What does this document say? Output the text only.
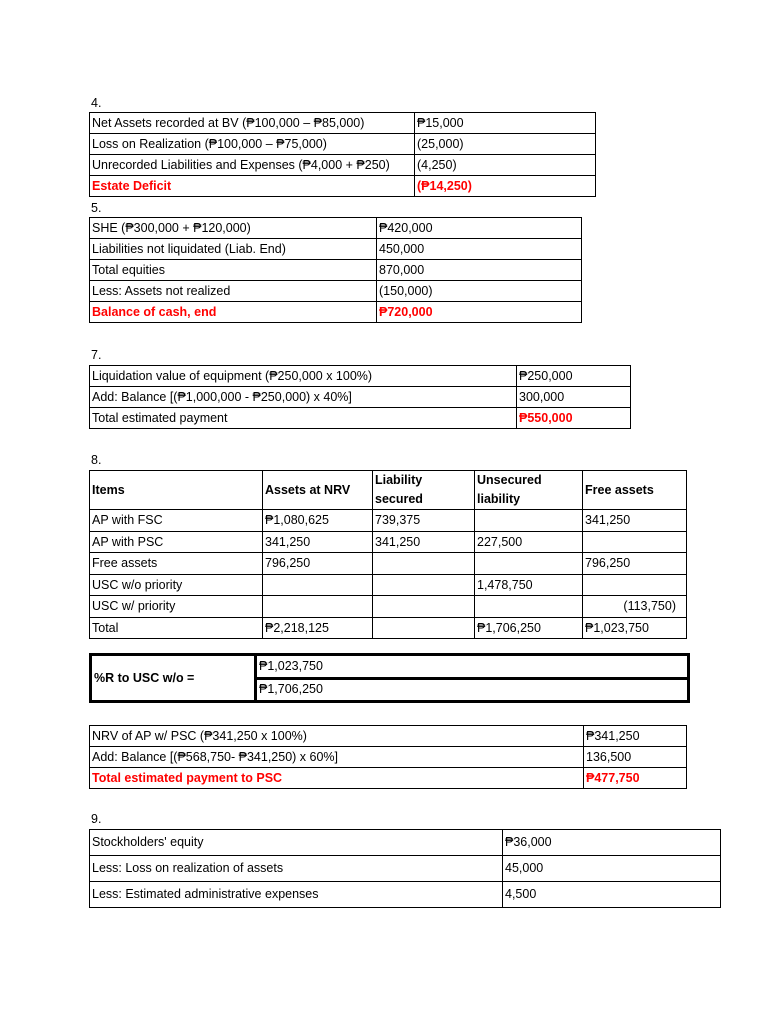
4.
Net Assets recorded at BV (₱100,000 – ₱85,000)	₱15,000
Loss on Realization (₱100,000 – ₱75,000)	(25,000)
Unrecorded Liabilities and Expenses (₱4,000 + ₱250)	(4,250)
Estate Deficit	(₱14,250)
5.
SHE (₱300,000 + ₱120,000)	₱420,000
Liabilities not liquidated (Liab. End)	450,000
Total equities	870,000
Less: Assets not realized	(150,000)
Balance of cash, end	₱720,000
7.
Liquidation value of equipment (₱250,000 x 100%)	₱250,000
Add: Balance [(₱1,000,000 - ₱250,000) x 40%]	300,000
Total estimated payment	₱550,000
8.
Items	Assets at NRV	Liability secured	Unsecured liability	Free assets
AP with FSC	₱1,080,625	739,375		341,250
AP with PSC	341,250	341,250	227,500	
Free assets	796,250			796,250
USC w/o priority			1,478,750	
USC w/ priority				(113,750)
Total	₱2,218,125		₱1,706,250	₱1,023,750
%R to USC w/o =	₱1,023,750
₱1,706,250
NRV of AP w/ PSC (₱341,250 x 100%)	₱341,250
Add: Balance [(₱568,750- ₱341,250) x 60%]	136,500
Total estimated payment to PSC	₱477,750
9.
Stockholders' equity	₱36,000
Less: Loss on realization of assets	45,000
Less: Estimated administrative expenses	4,500
